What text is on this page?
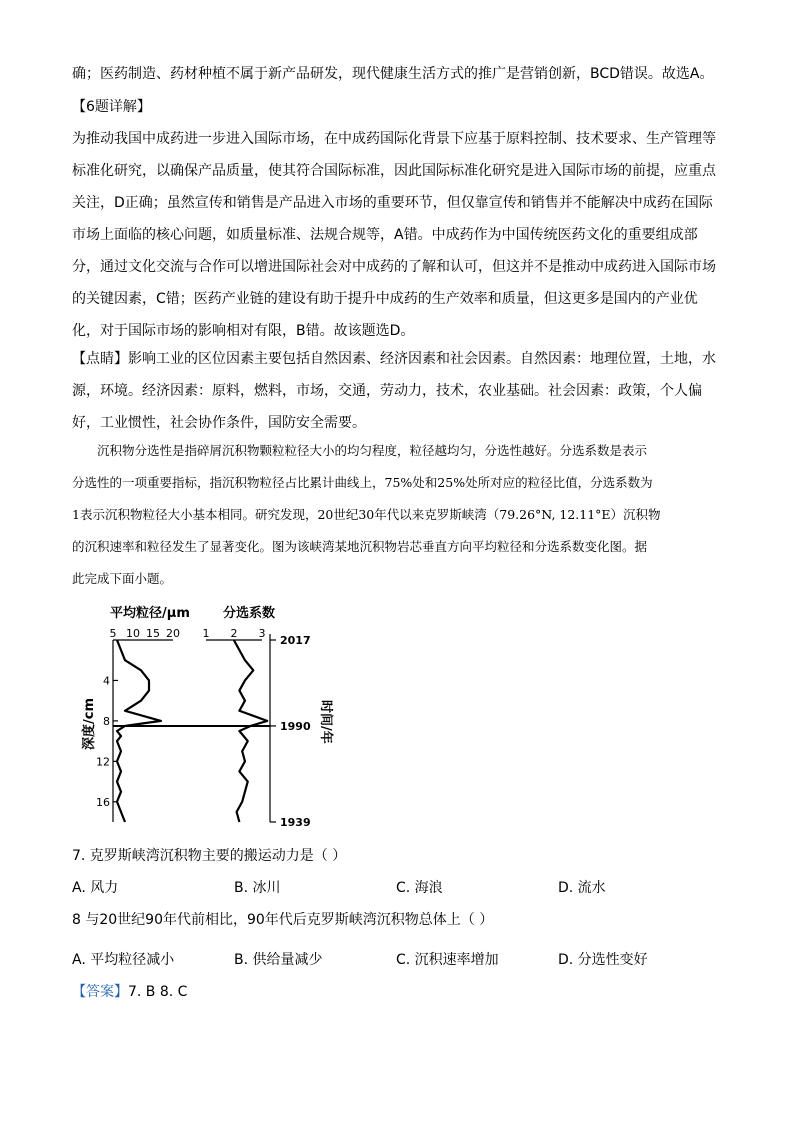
确；医药制造、药材种植不属于新产品研发，现代健康生活方式的推广是营销创新，BCD错误。故选A。
【6题详解】
为推动我国中成药进一步进入国际市场，在中成药国际化背景下应基于原料控制、技术要求、生产管理等
标准化研究，以确保产品质量，使其符合国际标准，因此国际标准化研究是进入国际市场的前提，应重点
关注，D正确；虽然宣传和销售是产品进入市场的重要环节，但仅靠宣传和销售并不能解决中成药在国际
市场上面临的核心问题，如质量标准、法规合规等，A错。中成药作为中国传统医药文化的重要组成部
分，通过文化交流与合作可以增进国际社会对中成药的了解和认可，但这并不是推动中成药进入国际市场
的关键因素，C错；医药产业链的建设有助于提升中成药的生产效率和质量，但这更多是国内的产业优
化，对于国际市场的影响相对有限，B错。故该题选D。
【点睛】影响工业的区位因素主要包括自然因素、经济因素和社会因素。自然因素：地理位置，土地，水
源，环境。经济因素：原料，燃料，市场，交通，劳动力，技术，农业基础。社会因素：政策，个人偏
好，工业惯性，社会协作条件，国防安全需要。
　　沉积物分选性是指碎屑沉积物颗粒粒径大小的均匀程度，粒径越均匀，分选性越好。分选系数是表示
分选性的一项重要指标，指沉积物粒径占比累计曲线上，75%处和25%处所对应的粒径比值，分选系数为
1表示沉积物粒径大小基本相同。研究发现，20世纪30年代以来克罗斯峡湾（79.26°N, 12.11°E）沉积物
的沉积速率和粒径发生了显著变化。图为该峡湾某地沉积物岩芯垂直方向平均粒径和分选系数变化图。据
此完成下面小题。
平均粒径/μm	分选系数
5 10 15 20 1 2 3
4
8
12
16
2017
1990
1939
深度/cm	时间/年
7. 克罗斯峡湾沉积物主要的搬运动力是（ ）
A. 风力	B. 冰川	C. 海浪	D. 流水
8 与20世纪90年代前相比，90年代后克罗斯峡湾沉积物总体上（ ）
A. 平均粒径减小	B. 供给量减少	C. 沉积速率增加	D. 分选性变好
【答案】7. B 8. C
